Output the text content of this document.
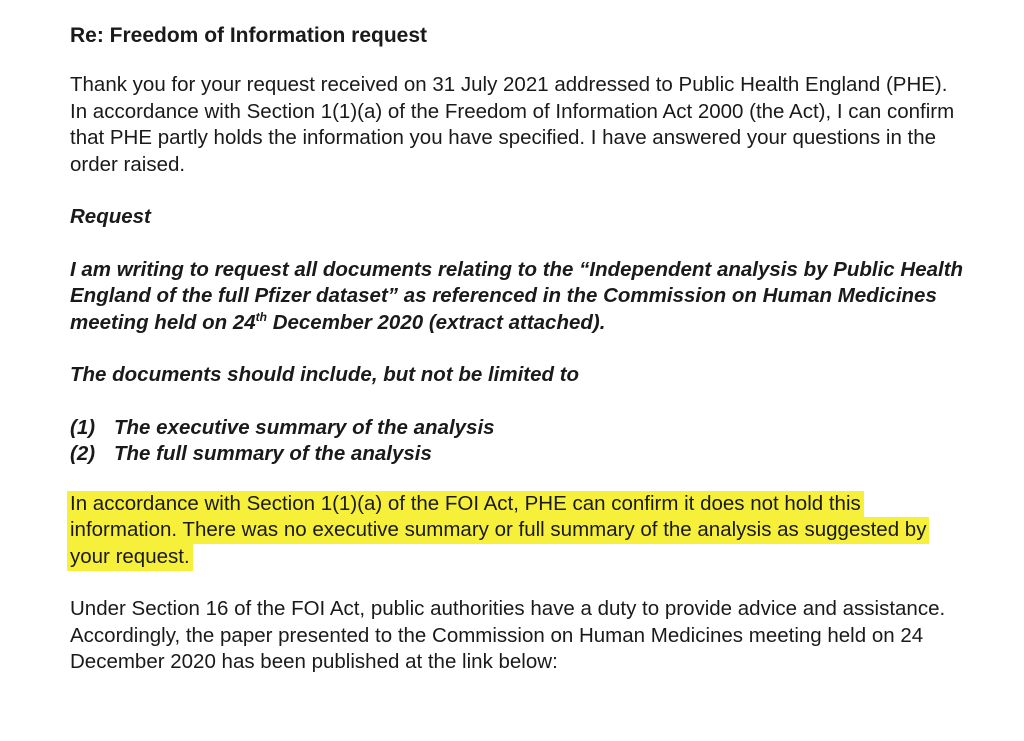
Re: Freedom of Information request
Thank you for your request received on 31 July 2021 addressed to Public Health England (PHE). In accordance with Section 1(1)(a) of the Freedom of Information Act 2000 (the Act), I can confirm that PHE partly holds the information you have specified. I have answered your questions in the order raised.
Request
I am writing to request all documents relating to the “Independent analysis by Public Health England of the full Pfizer dataset” as referenced in the Commission on Human Medicines meeting held on 24th December 2020 (extract attached).
The documents should include, but not be limited to
(1) The executive summary of the analysis
(2) The full summary of the analysis
In accordance with Section 1(1)(a) of the FOI Act, PHE can confirm it does not hold this information. There was no executive summary or full summary of the analysis as suggested by your request.
Under Section 16 of the FOI Act, public authorities have a duty to provide advice and assistance. Accordingly, the paper presented to the Commission on Human Medicines meeting held on 24 December 2020 has been published at the link below:
